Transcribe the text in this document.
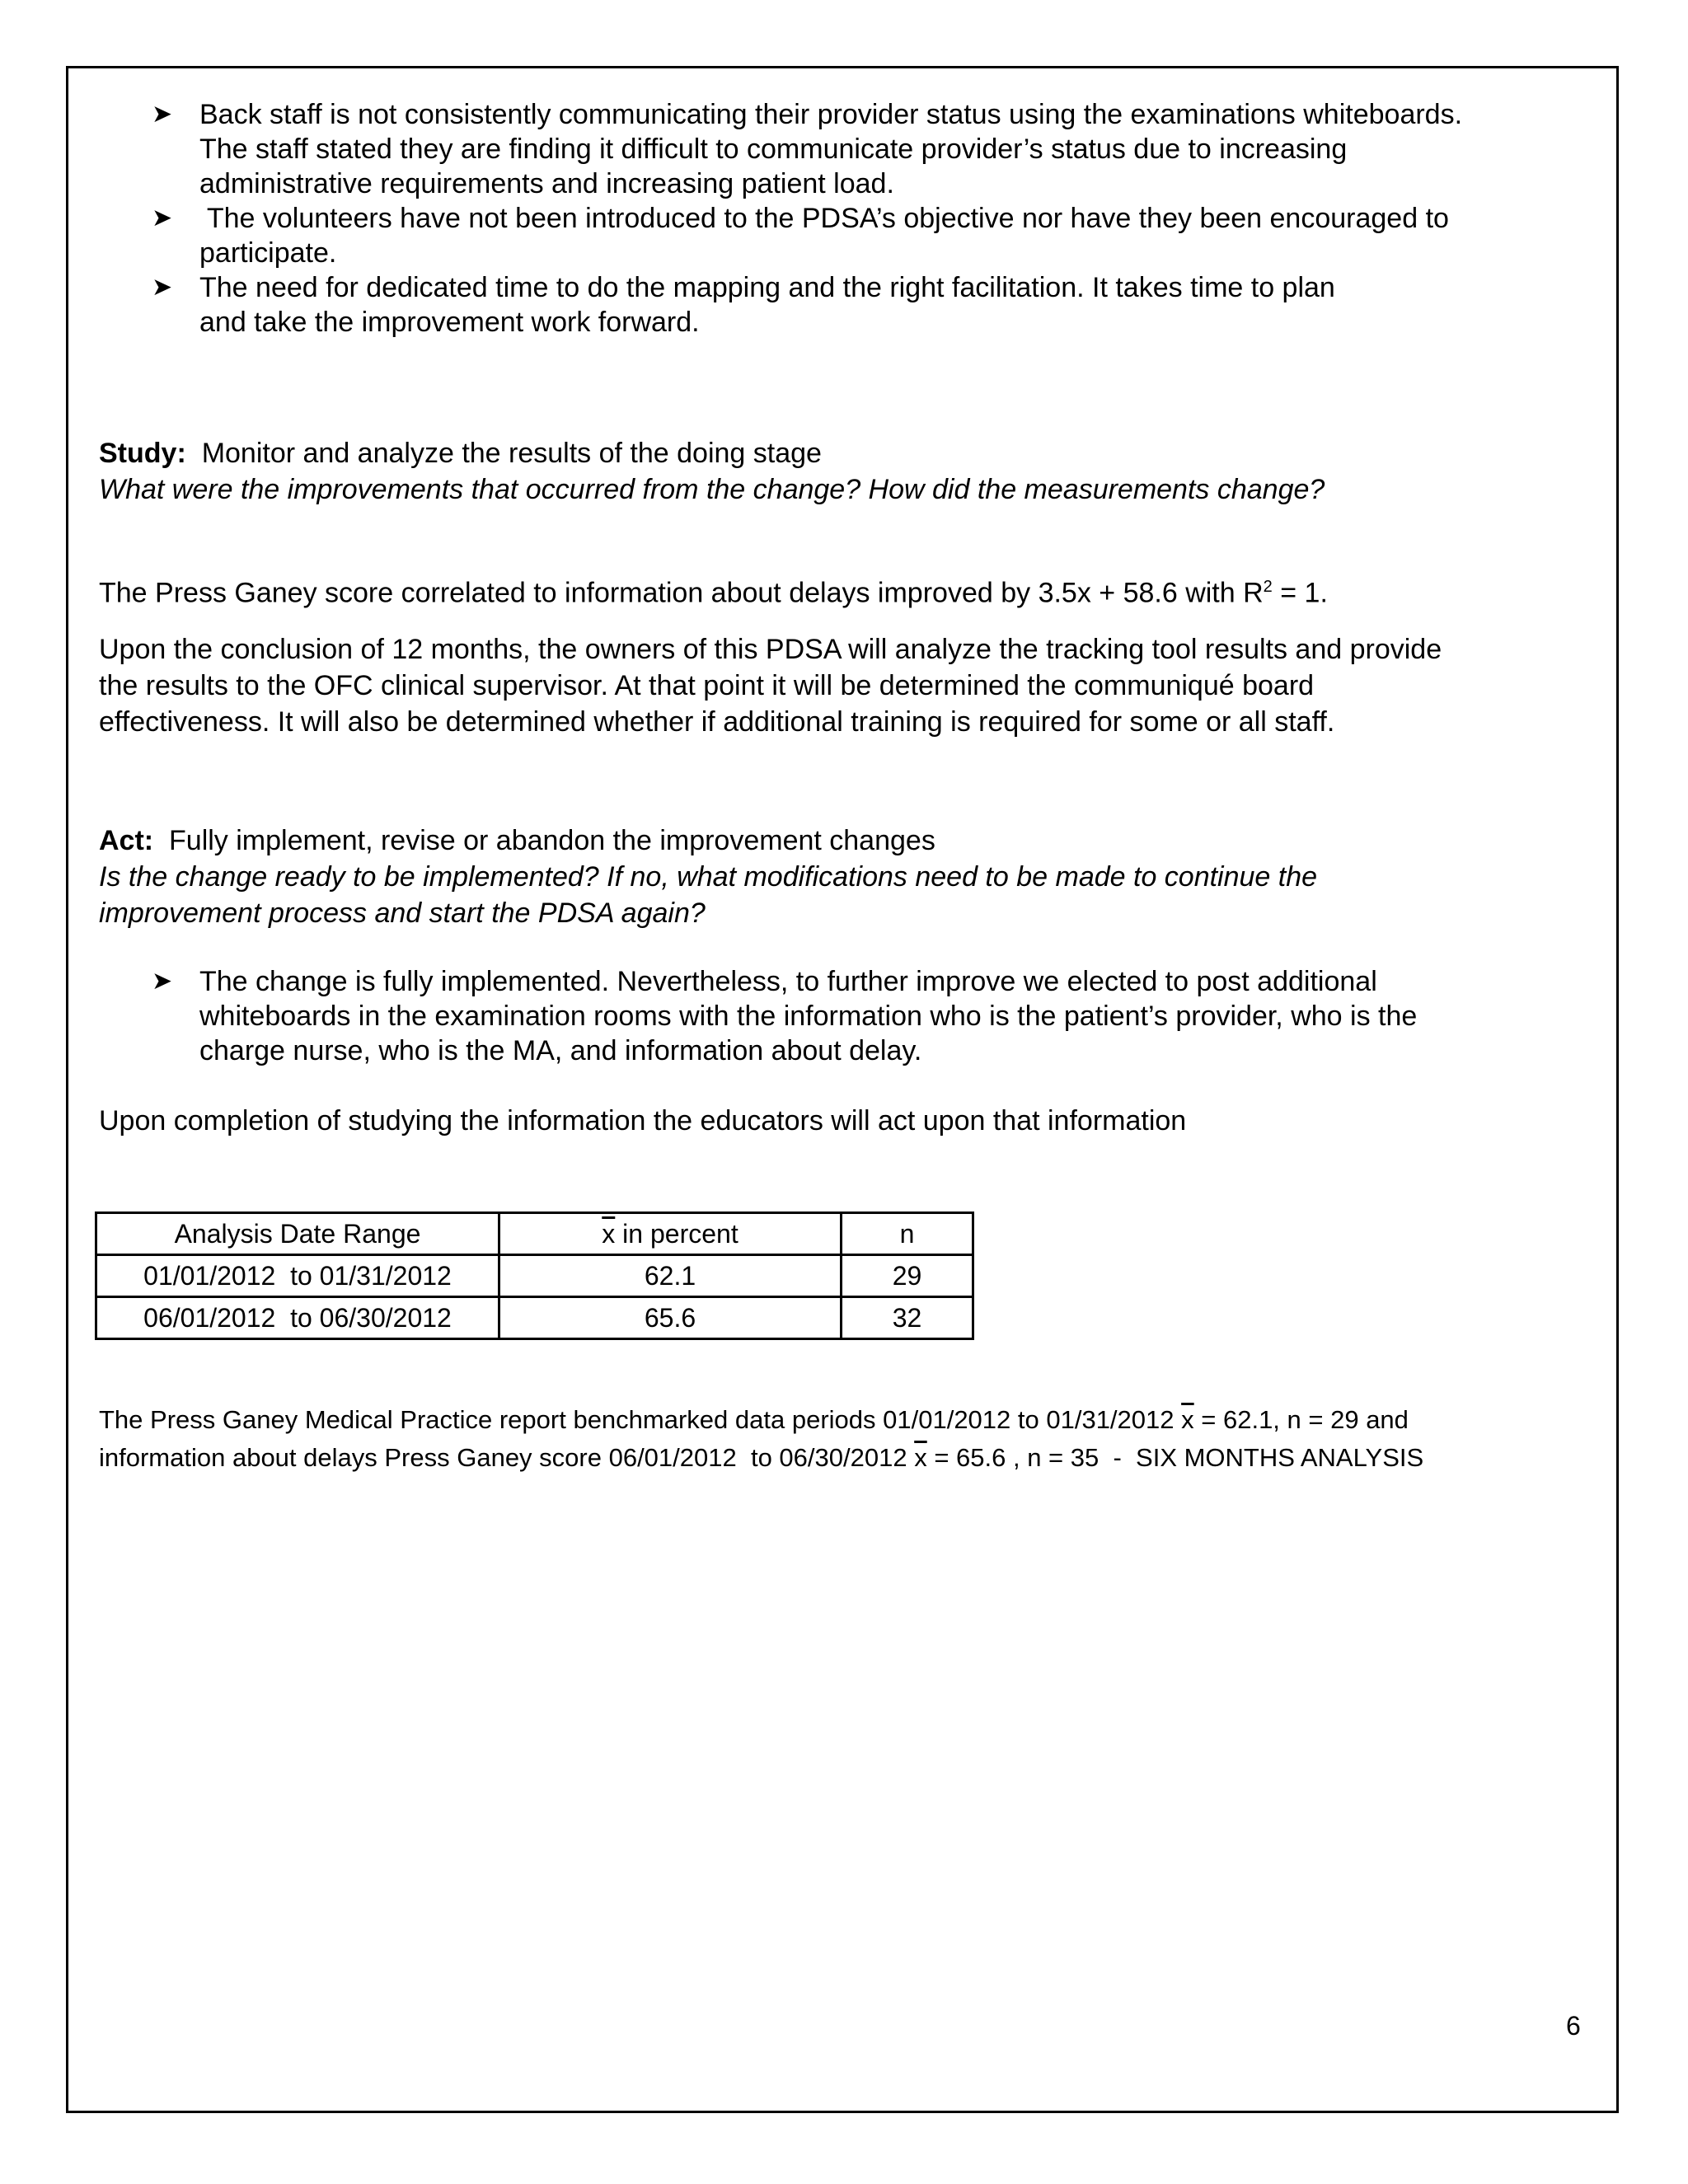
➤ Back staff is not consistently communicating their provider status using the examinations whiteboards.
The staff stated they are finding it difficult to communicate provider’s status due to increasing
administrative requirements and increasing patient load.
➤ The volunteers have not been introduced to the PDSA’s objective nor have they been encouraged to
participate.
➤ The need for dedicated time to do the mapping and the right facilitation. It takes time to plan
and take the improvement work forward.

Study: Monitor and analyze the results of the doing stage

What were the improvements that occurred from the change? How did the measurements change?

The Press Ganey score correlated to information about delays improved by 3.5x + 58.6 with $R^2 = 1$.

Upon the conclusion of 12 months, the owners of this PDSA will analyze the tracking tool results and provide

the results to the OFC clinical supervisor. At that point it will be determined the communiqué board

effectiveness. It will also be determined whether if additional training is required for some or all staff.

Act: Fully implement, revise or abandon the improvement changes

Is the change ready to be implemented? If no, what modifications need to be made to continue the

improvement process and start the PDSA again?

➤ The change is fully implemented. Nevertheless, to further improve we elected to post additional
whiteboards in the examination rooms with the information who is the patient’s provider, who is the
charge nurse, who is the MA, and information about delay.

Upon completion of studying the information the educators will act upon that information

Analysis Date Range	$\overline{x}$ in percent	n
01/01/2012  to 01/31/2012	62.1	29
06/01/2012  to 06/30/2012	65.6	32

The Press Ganey Medical Practice report benchmarked data periods 01/01/2012 to 01/31/2012 $\overline{x} = 62.1$, n = 29 and

information about delays Press Ganey score 06/01/2012  to 06/30/2012 $\overline{x} = 65.6$ , n = 35  -  SIX MONTHS ANALYSIS

6
